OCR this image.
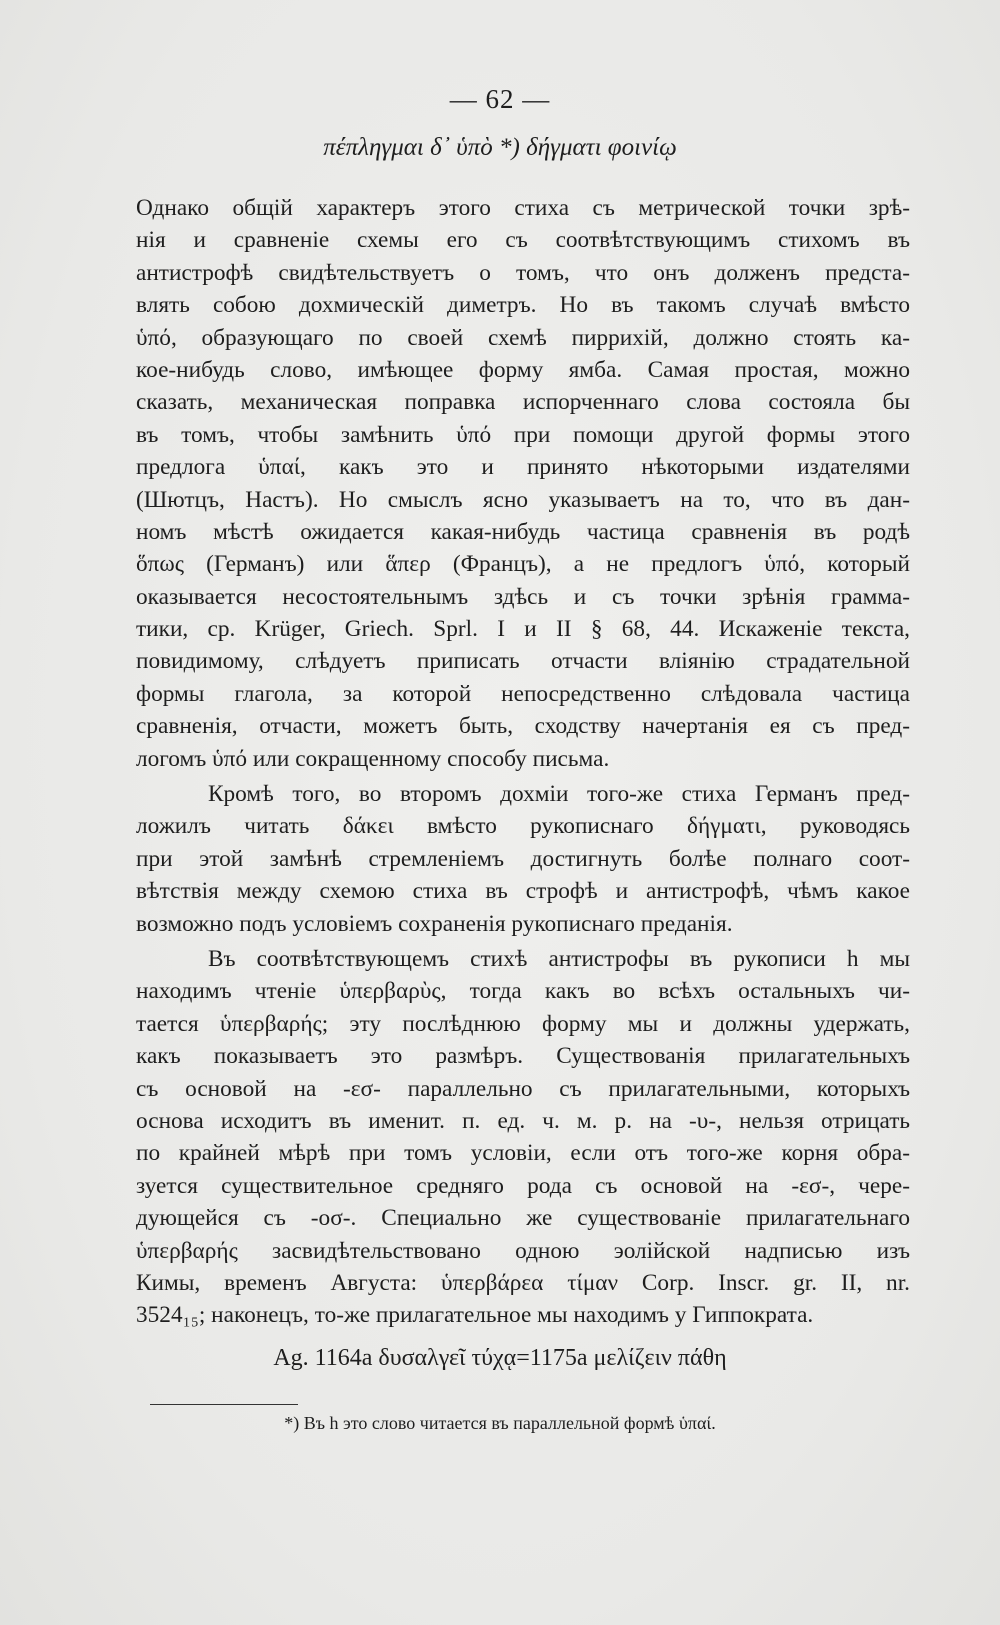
— 62 —
πέπληγμαι δ᾽ ὑπὸ *) δήγματι φοινίῳ
Однако общій характеръ этого стиха съ метрической точки зрѣ-
нія и сравненіе схемы его съ соотвѣтствующимъ стихомъ въ
антистрофѣ свидѣтельствуетъ о томъ, что онъ долженъ предста-
влять собою дохмическій диметръ. Но въ такомъ случаѣ вмѣсто
ὑπό, образующаго по своей схемѣ пиррихій, должно стоять ка-
кое-нибудь слово, имѣющее форму ямба. Самая простая, можно
сказать, механическая поправка испорченнаго слова состояла бы
въ томъ, чтобы замѣнить ὑπό при помощи другой формы этого
предлога ὑπαί, какъ это и принято нѣкоторыми издателями
(Шютцъ, Настъ). Но смыслъ ясно указываетъ на то, что въ дан-
номъ мѣстѣ ожидается какая-нибудь частица сравненія въ родѣ
ὅπως (Германъ) или ἅπερ (Францъ), а не предлогъ ὑπό, который
оказывается несостоятельнымъ здѣсь и съ точки зрѣнія грамма-
тики, ср. Krüger, Griech. Sprl. I и II § 68, 44. Искаженіе текста,
повидимому, слѣдуетъ приписать отчасти вліянію страдательной
формы глагола, за которой непосредственно слѣдовала частица
сравненія, отчасти, можетъ быть, сходству начертанія ея съ пред-
логомъ ὑπό или сокращенному способу письма.
Кромѣ того, во второмъ дохміи того-же стиха Германъ пред-
ложилъ читать δάκει вмѣсто рукописнаго δήγματι, руководясь
при этой замѣнѣ стремленіемъ достигнуть болѣе полнаго соот-
вѣтствія между схемою стиха въ строфѣ и антистрофѣ, чѣмъ какое
возможно подъ условіемъ сохраненія рукописнаго преданія.
Въ соотвѣтствующемъ стихѣ антистрофы въ рукописи h мы
находимъ чтеніе ὑπερβαρὺς, тогда какъ во всѣхъ остальныхъ чи-
тается ὑπερβαρής; эту послѣднюю форму мы и должны удержать,
какъ показываетъ это размѣръ. Существованія прилагательныхъ
съ основой на -εσ- параллельно съ прилагательными, которыхъ
основа исходитъ въ именит. п. ед. ч. м. р. на -υ-, нельзя отрицать
по крайней мѣрѣ при томъ условіи, если отъ того-же корня обра-
зуется существительное средняго рода съ основой на -εσ-, чере-
дующейся съ -οσ-. Специально же существованіе прилагательнаго
ὑπερβαρής засвидѣтельствовано одною эолійской надписью изъ
Кимы, временъ Августа: ὑπερβάρεα τίμαν Corp. Inscr. gr. II, nr.
3524₁₅; наконецъ, то-же прилагательное мы находимъ у Гиппократа.
Ag. 1164a δυσαλγεῖ τύχᾳ=1175a μελίζειν πάθη
*) Въ h это слово читается въ параллельной формѣ ὑπαί.
